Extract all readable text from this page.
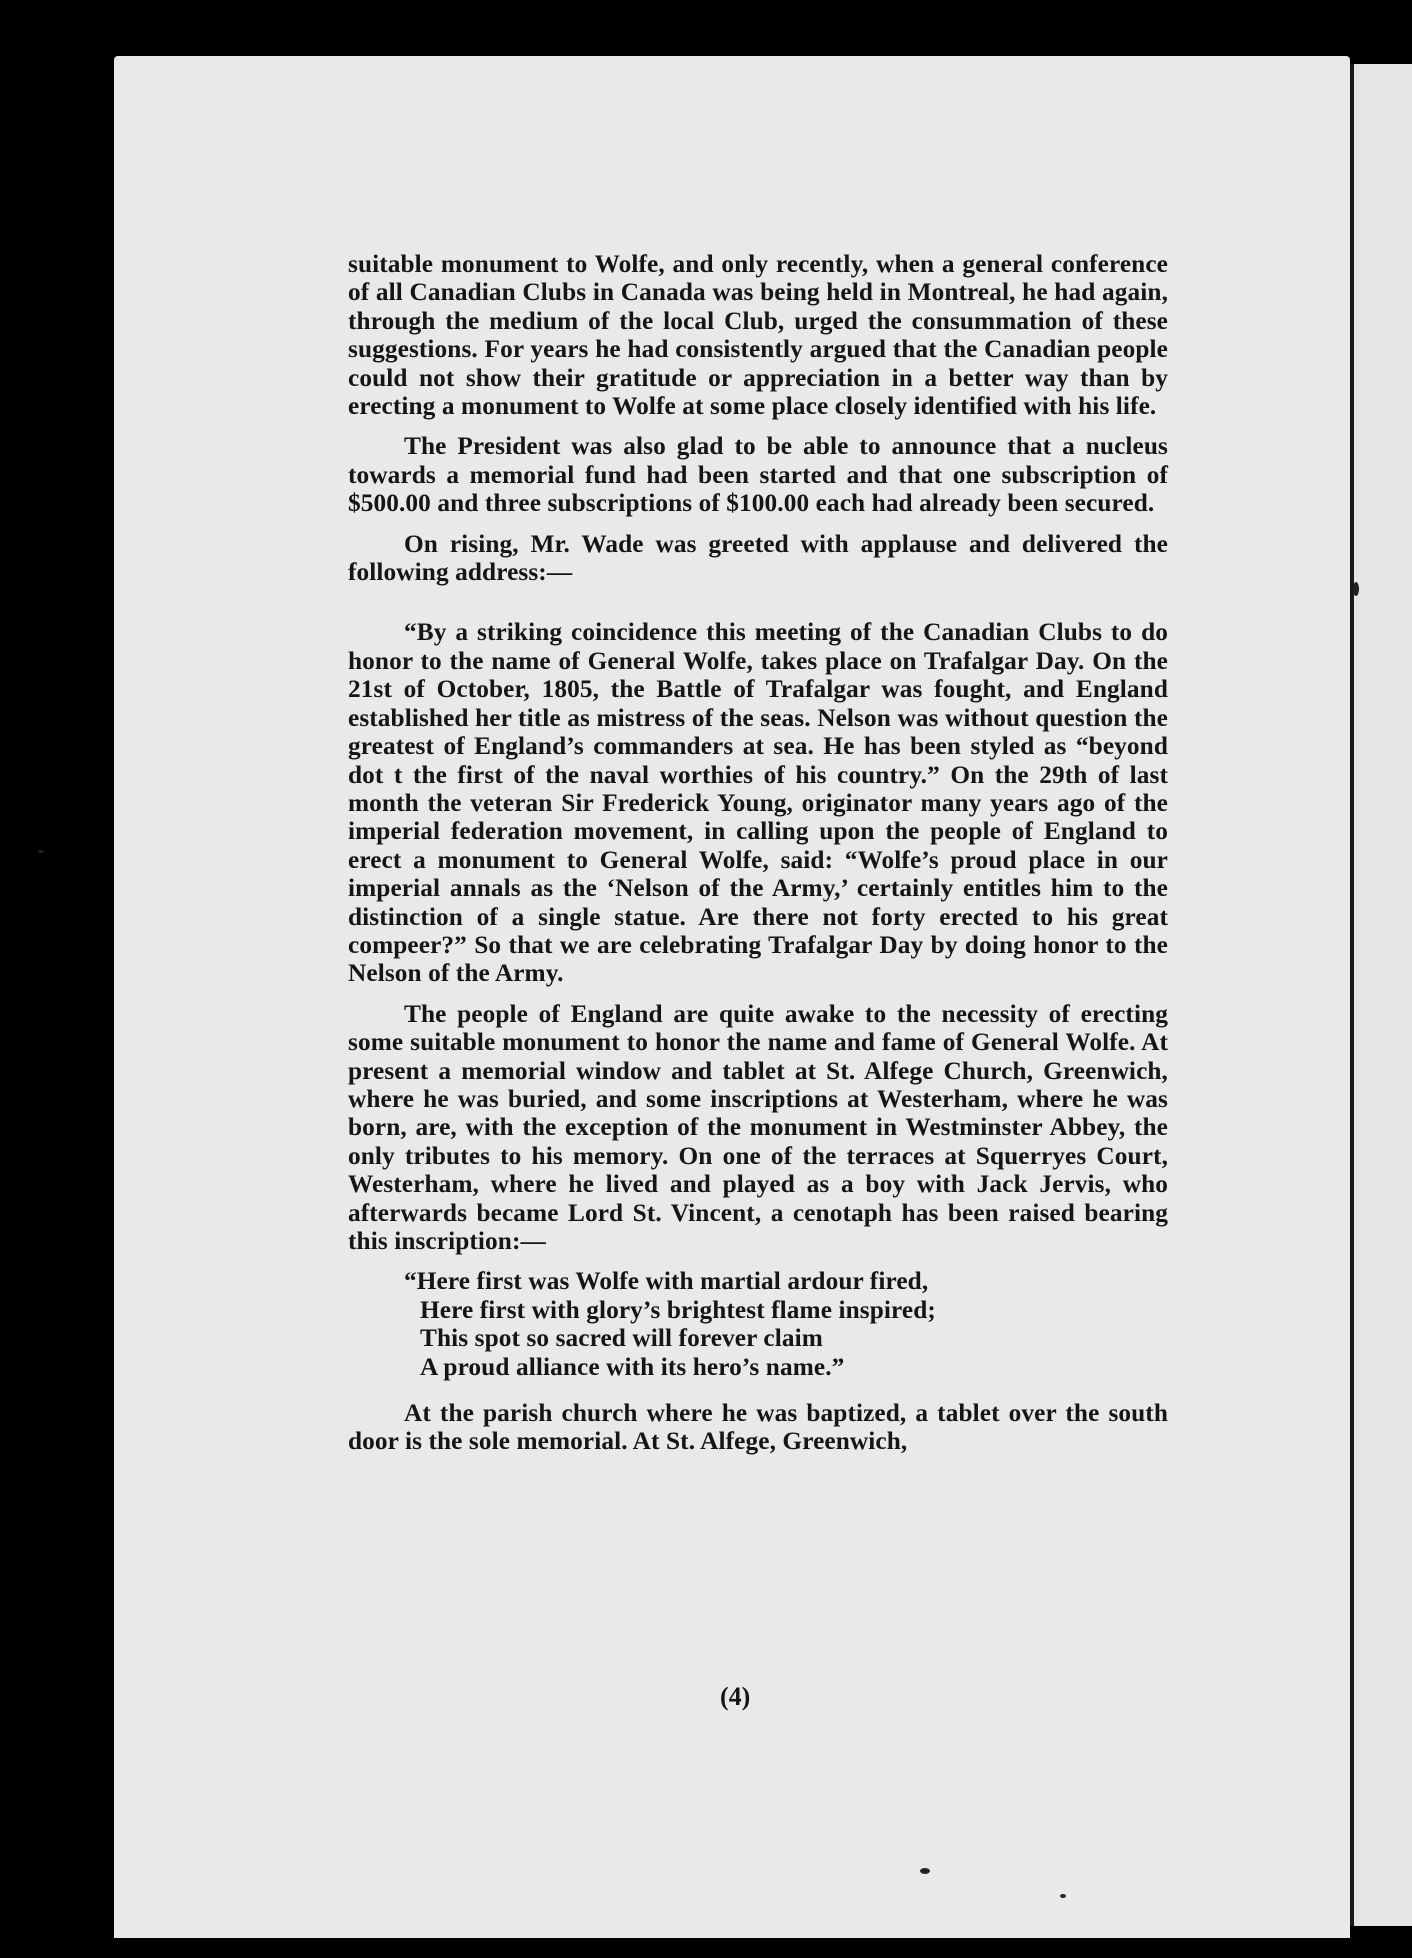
suitable monument to Wolfe, and only recently, when a general conference of all Canadian Clubs in Canada was being held in Montreal, he had again, through the medium of the local Club, urged the consummation of these suggestions. For years he had consistently argued that the Canadian people could not show their gratitude or appreciation in a better way than by erecting a monument to Wolfe at some place closely identified with his life.

The President was also glad to be able to announce that a nucleus towards a memorial fund had been started and that one subscription of $500.00 and three subscriptions of $100.00 each had already been secured.

On rising, Mr. Wade was greeted with applause and delivered the following address:—

“By a striking coincidence this meeting of the Canadian Clubs to do honor to the name of General Wolfe, takes place on Trafalgar Day. On the 21st of October, 1805, the Battle of Trafalgar was fought, and England established her title as mistress of the seas. Nelson was without question the greatest of England’s commanders at sea. He has been styled as “beyond dot t the first of the naval worthies of his country.” On the 29th of last month the veteran Sir Frederick Young, originator many years ago of the imperial federation movement, in calling upon the people of England to erect a monument to General Wolfe, said: “Wolfe’s proud place in our imperial annals as the ‘Nelson of the Army,’ certainly entitles him to the distinction of a single statue. Are there not forty erected to his great compeer?” So that we are celebrating Trafalgar Day by doing honor to the Nelson of the Army.

The people of England are quite awake to the necessity of erecting some suitable monument to honor the name and fame of General Wolfe. At present a memorial window and tablet at St. Alfege Church, Greenwich, where he was buried, and some inscriptions at Westerham, where he was born, are, with the exception of the monument in Westminster Abbey, the only tributes to his memory. On one of the terraces at Squerryes Court, Westerham, where he lived and played as a boy with Jack Jervis, who afterwards became Lord St. Vincent, a cenotaph has been raised bearing this inscription:—

“Here first was Wolfe with martial ardour fired,
Here first with glory’s brightest flame inspired;
This spot so sacred will forever claim
A proud alliance with its hero’s name.”

At the parish church where he was baptized, a tablet over the south door is the sole memorial. At St. Alfege, Greenwich,

(4)
